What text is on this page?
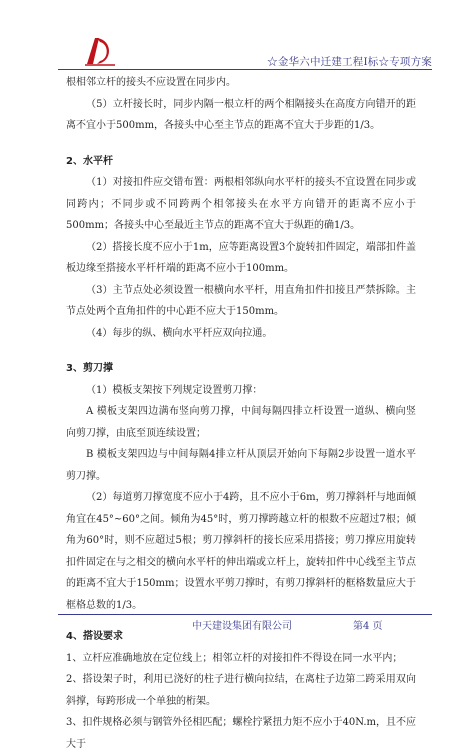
☆金华六中迁建工程Ⅰ标☆专项方案

根相邻立杆的接头不应设置在同步内。

（5）立杆接长时，同步内隔一根立杆的两个相隔接头在高度方向错开的距离不宜小于500mm，各接头中心至主节点的距离不宜大于步距的1/3。

2、水平杆

（1）对接扣件应交错布置：两根相邻纵向水平杆的接头不宜设置在同步或同跨内；不同步或不同跨两个相邻接头在水平方向错开的距离不应小于500mm；各接头中心至最近主节点的距离不宜大于纵距的确1/3。

（2）搭接长度不应小于1m，应等距离设置3个旋转扣件固定，端部扣件盖板边缘至搭接水平杆杆端的距离不应小于100mm。

（3）主节点处必须设置一根横向水平杆，用直角扣件扣接且严禁拆除。主节点处两个直角扣件的中心距不应大于150mm。

（4）每步的纵、横向水平杆应双向拉通。

3、剪刀撑

（1）模板支架按下列规定设置剪刀撑：

A 模板支架四边满布竖向剪刀撑，中间每隔四排立杆设置一道纵、横向竖向剪刀撑，由底至顶连续设置；

B 模板支架四边与中间每隔4排立杆从顶层开始向下每隔2步设置一道水平剪刀撑。

（2）每道剪刀撑宽度不应小于4跨，且不应小于6m，剪刀撑斜杆与地面倾角宜在45°~60°之间。倾角为45°时，剪刀撑跨越立杆的根数不应超过7根；倾角为60°时，则不应超过5根；剪刀撑斜杆的接长应采用搭接；剪刀撑应用旋转扣件固定在与之相交的横向水平杆的伸出端或立杆上，旋转扣件中心线至主节点的距离不宜大于150mm；设置水平剪刀撑时，有剪刀撑斜杆的框格数量应大于框格总数的1/3。

4、搭设要求

1、立杆应准确地放在定位线上；相邻立杆的对接扣件不得设在同一水平内；

2、搭设架子时，利用已浇好的柱子进行横向拉结，在离柱子边第二跨采用双向斜撑，每跨形成一个单独的桁架。

3、扣件规格必须与钢管外径相匹配；螺栓拧紧扭力矩不应小于40N.m，且不应大于

中天建设集团有限公司	第4 页
